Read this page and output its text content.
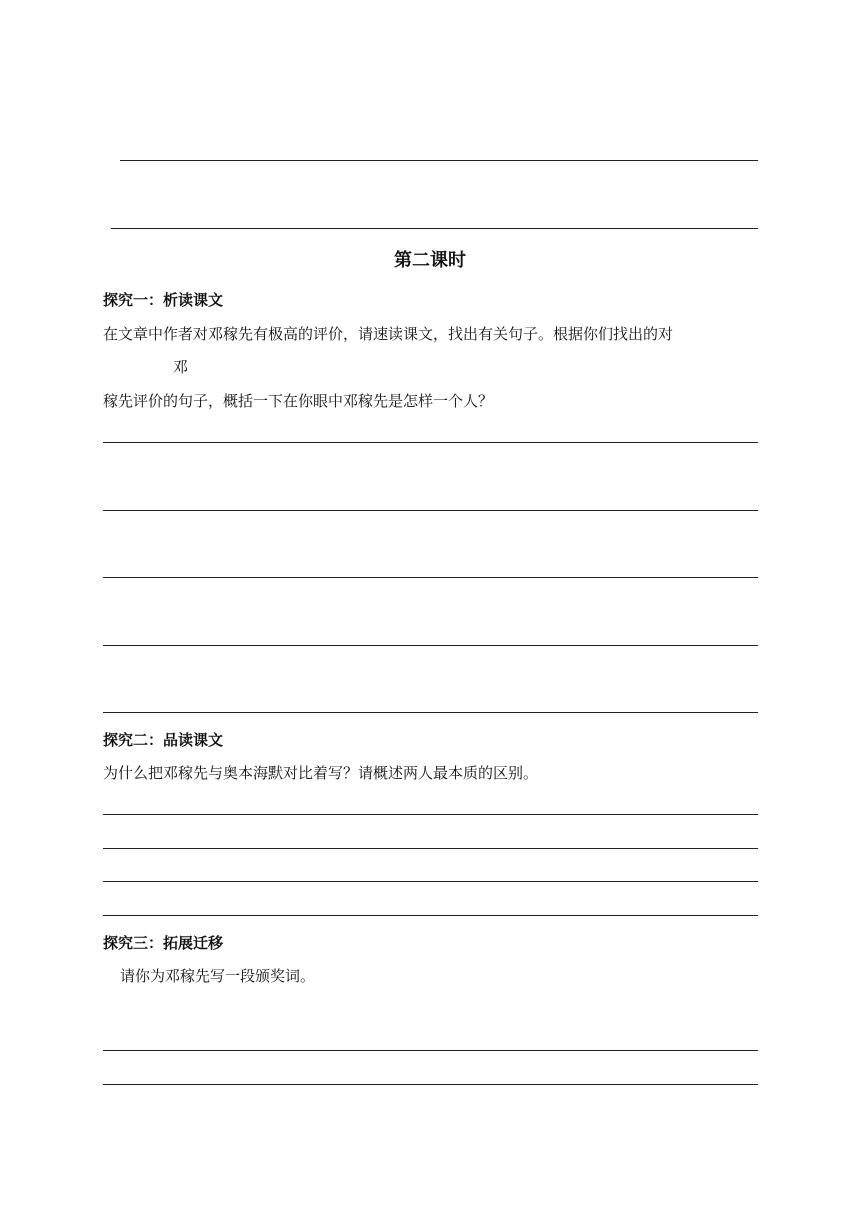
第二课时
探究一：析读课文
在文章中作者对邓稼先有极高的评价，请速读课文，找出有关句子。根据你们找出的对
邓
稼先评价的句子，概括一下在你眼中邓稼先是怎样一个人？
探究二：品读课文
为什么把邓稼先与奥本海默对比着写？请概述两人最本质的区别。
探究三：拓展迁移
请你为邓稼先写一段颁奖词。
